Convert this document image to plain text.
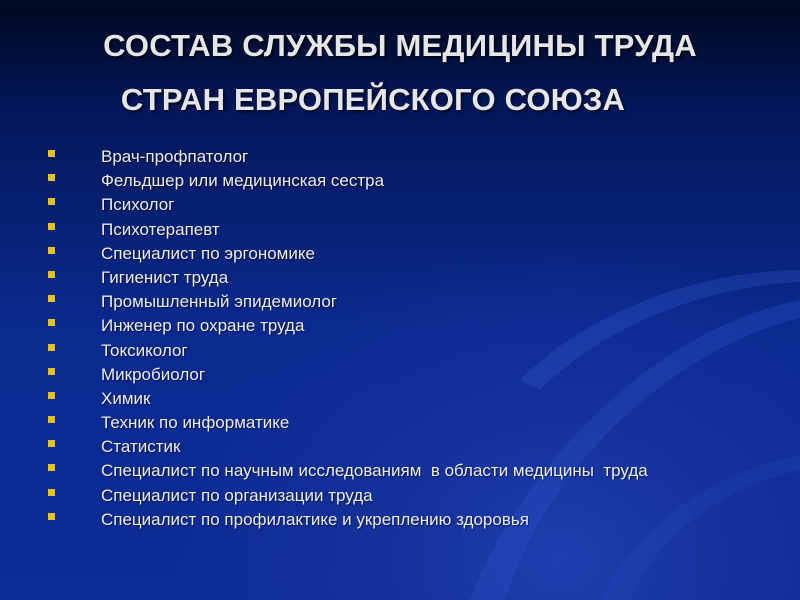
СОСТАВ СЛУЖБЫ МЕДИЦИНЫ ТРУДА
СТРАН ЕВРОПЕЙСКОГО СОЮЗА
Врач-профпатолог
Фельдшер или медицинская сестра
Психолог
Психотерапевт
Специалист по эргономике
Гигиенист труда
Промышленный эпидемиолог
Инженер по охране труда
Токсиколог
Микробиолог
Химик
Техник по информатике
Статистик
Специалист по научным исследованиям  в области медицины  труда
Специалист по организации труда
Специалист по профилактике и укреплению здоровья
